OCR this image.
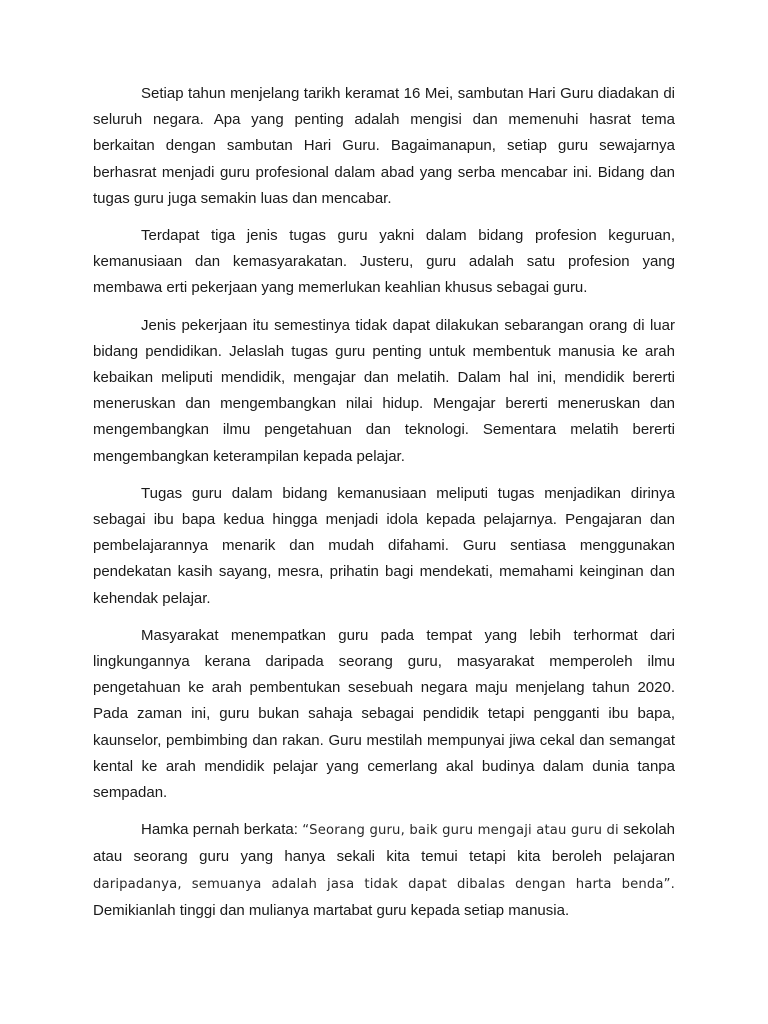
Setiap tahun menjelang tarikh keramat 16 Mei, sambutan Hari Guru diadakan di seluruh negara. Apa yang penting adalah mengisi dan memenuhi hasrat tema berkaitan dengan sambutan Hari Guru. Bagaimanapun, setiap guru sewajarnya berhasrat menjadi guru profesional dalam abad yang serba mencabar ini. Bidang dan tugas guru juga semakin luas dan mencabar.

Terdapat tiga jenis tugas guru yakni dalam bidang profesion keguruan, kemanusiaan dan kemasyarakatan. Justeru, guru adalah satu profesion yang membawa erti pekerjaan yang memerlukan keahlian khusus sebagai guru.

Jenis pekerjaan itu semestinya tidak dapat dilakukan sebarangan orang di luar bidang pendidikan. Jelaslah tugas guru penting untuk membentuk manusia ke arah kebaikan meliputi mendidik, mengajar dan melatih. Dalam hal ini, mendidik bererti meneruskan dan mengembangkan nilai hidup. Mengajar bererti meneruskan dan mengembangkan ilmu pengetahuan dan teknologi. Sementara melatih bererti mengembangkan keterampilan kepada pelajar.

Tugas guru dalam bidang kemanusiaan meliputi tugas menjadikan dirinya sebagai ibu bapa kedua hingga menjadi idola kepada pelajarnya. Pengajaran dan pembelajarannya menarik dan mudah difahami. Guru sentiasa menggunakan pendekatan kasih sayang, mesra, prihatin bagi mendekati, memahami keinginan dan kehendak pelajar.

Masyarakat menempatkan guru pada tempat yang lebih terhormat dari lingkungannya kerana daripada seorang guru, masyarakat memperoleh ilmu pengetahuan ke arah pembentukan sesebuah negara maju menjelang tahun 2020. Pada zaman ini, guru bukan sahaja sebagai pendidik tetapi pengganti ibu bapa, kaunselor, pembimbing dan rakan. Guru mestilah mempunyai jiwa cekal dan semangat kental ke arah mendidik pelajar yang cemerlang akal budinya dalam dunia tanpa sempadan.

Hamka pernah berkata: “Seorang guru, baik guru mengaji atau guru di sekolah atau seorang guru yang hanya sekali kita temui tetapi kita beroleh pelajaran daripadanya, semuanya adalah jasa tidak dapat dibalas dengan harta benda”. Demikianlah tinggi dan mulianya martabat guru kepada setiap manusia.
